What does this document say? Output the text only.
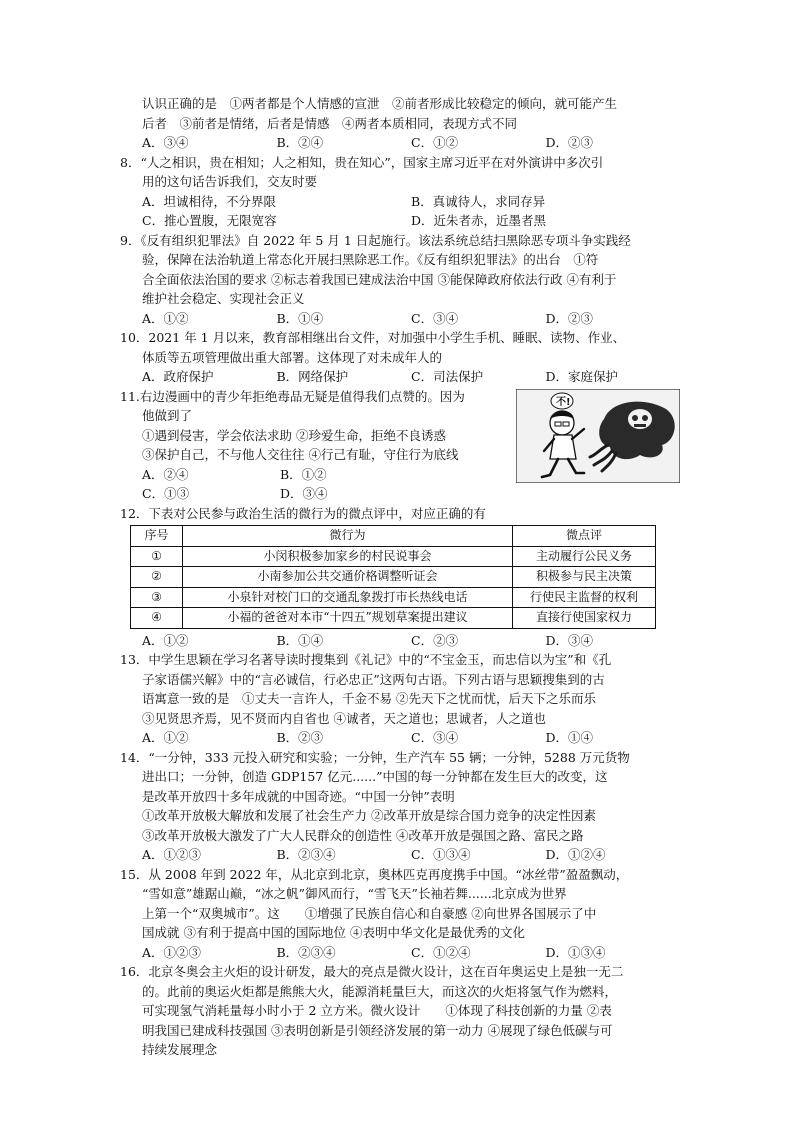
认识正确的是　①两者都是个人情感的宣泄　②前者形成比较稳定的倾向，就可能产生
后者　③前者是情绪，后者是情感　④两者本质相同，表现方式不同
A．③④	B．②④	C．①②	D．②③
8．“人之相识，贵在相知；人之相知，贵在知心”，国家主席习近平在对外演讲中多次引
用的这句话告诉我们，交友时要
A．坦诚相待，不分界限	B．真诚待人，求同存异
C．推心置腹，无限宽容	D．近朱者赤，近墨者黑
9．《反有组织犯罪法》自 2022 年 5 月 1 日起施行。该法系统总结扫黑除恶专项斗争实践经
验，保障在法治轨道上常态化开展扫黑除恶工作。《反有组织犯罪法》的出台　①符
合全面依法治国的要求 ②标志着我国已建成法治中国 ③能保障政府依法行政 ④有利于
维护社会稳定、实现社会正义
A．①②	B．①④	C．③④	D．②③
10．2021 年 1 月以来，教育部相继出台文件，对加强中小学生手机、睡眠、读物、作业、
体质等五项管理做出重大部署。这体现了对未成年人的
A．政府保护	B．网络保护	C．司法保护	D．家庭保护
11.右边漫画中的青少年拒绝毒品无疑是值得我们点赞的。因为
他做到了
①遇到侵害，学会依法求助 ②珍爱生命，拒绝不良诱惑
③保护自己，不与他人交往往 ④行己有耻，守住行为底线
A．②④	B．①②
C．①③	D．③④
不!
12．下表对公民参与政治生活的微行为的微点评中，对应正确的有
序号	微行为	微点评
①	小闵积极参加家乡的村民说事会	主动履行公民义务
②	小南参加公共交通价格调整听证会	积极参与民主决策
③	小泉针对校门口的交通乱象拨打市长热线电话	行使民主监督的权利
④	小福的爸爸对本市“十四五”规划草案提出建议	直接行使国家权力
A．①②	B．①④	C．②③	D．③④
13．中学生思颖在学习名著导读时搜集到《礼记》中的“不宝金玉，而忠信以为宝”和《孔
子家语儒兴解》中的“言必诚信，行必忠正”这两句古语。下列古语与思颖搜集到的古
语寓意一致的是　①丈夫一言许人，千金不易 ②先天下之忧而忧，后天下之乐而乐
③见贤思齐焉，见不贤而内自省也 ④诚者，天之道也；思诚者，人之道也
A．①②	B．②③	C．③④	D．①④
14．“一分钟，333 元投入研究和实验；一分钟，生产汽车 55 辆；一分钟，5288 万元货物
进出口；一分钟，创造 GDP157 亿元......”中国的每一分钟都在发生巨大的改变，这
是改革开放四十多年成就的中国奇迹。“中国一分钟”表明
①改革开放极大解放和发展了社会生产力 ②改革开放是综合国力竞争的决定性因素
③改革开放极大激发了广大人民群众的创造性 ④改革开放是强国之路、富民之路
A．①②③	B．②③④	C．①③④	D．①②④
15．从 2008 年到 2022 年，从北京到北京，奥林匹克再度携手中国。“冰丝带”盈盈飘动，
“雪如意”雄踞山巅，“冰之帆”御风而行，“雪飞天”长袖若舞......北京成为世界
上第一个“双奥城市”。这　　①增强了民族自信心和自豪感 ②向世界各国展示了中
国成就 ③有利于提高中国的国际地位 ④表明中华文化是最优秀的文化
A．①②③	B．②③④	C．①②④	D．①③④
16．北京冬奥会主火炬的设计研发，最大的亮点是微火设计，这在百年奥运史上是独一无二
的。此前的奥运火炬都是熊熊大火，能源消耗量巨大，而这次的火炬将氢气作为燃料，
可实现氢气消耗量每小时小于 2 立方米。微火设计　　①体现了科技创新的力量 ②表
明我国已建成科技强国 ③表明创新是引领经济发展的第一动力 ④展现了绿色低碳与可
持续发展理念
